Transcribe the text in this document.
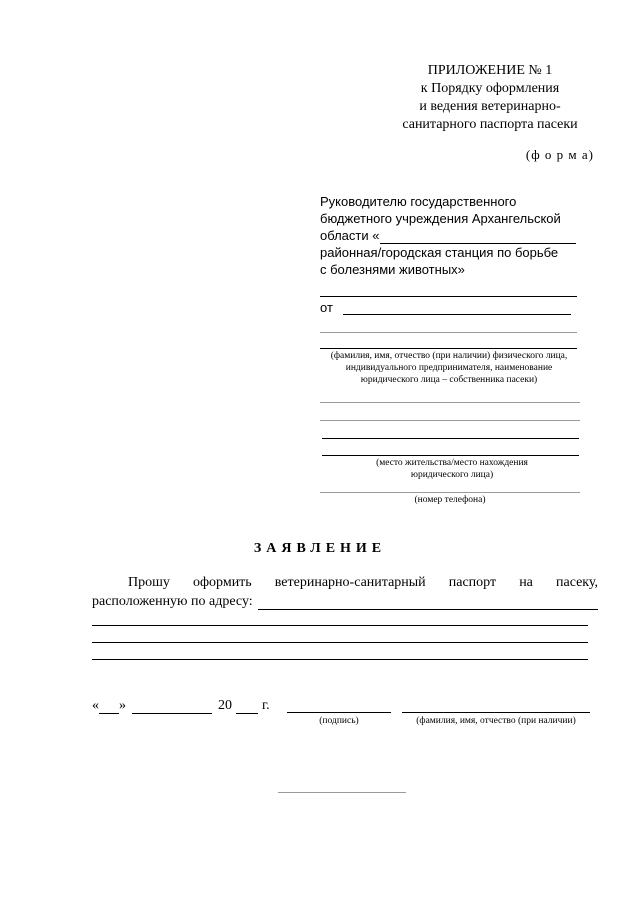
ПРИЛОЖЕНИЕ № 1
к Порядку оформления
и ведения ветеринарно-
санитарного паспорта пасеки
(ф о р м а)
Руководителю государственного
бюджетного учреждения Архангельской
области «
районная/городская станция по борьбе
с болезнями животных»
от
(фамилия, имя, отчество (при наличии) физического лица, индивидуального предпринимателя, наименование юридического лица – собственника пасеки)
(место жительства/место нахождения юридического лица)
(номер телефона)
ЗАЯВЛЕНИЕ
Прошу оформить ветеринарно-санитарный паспорт на пасеку,
расположенную по адресу:
« »	20 г.
(подпись)	(фамилия, имя, отчество (при наличии)
